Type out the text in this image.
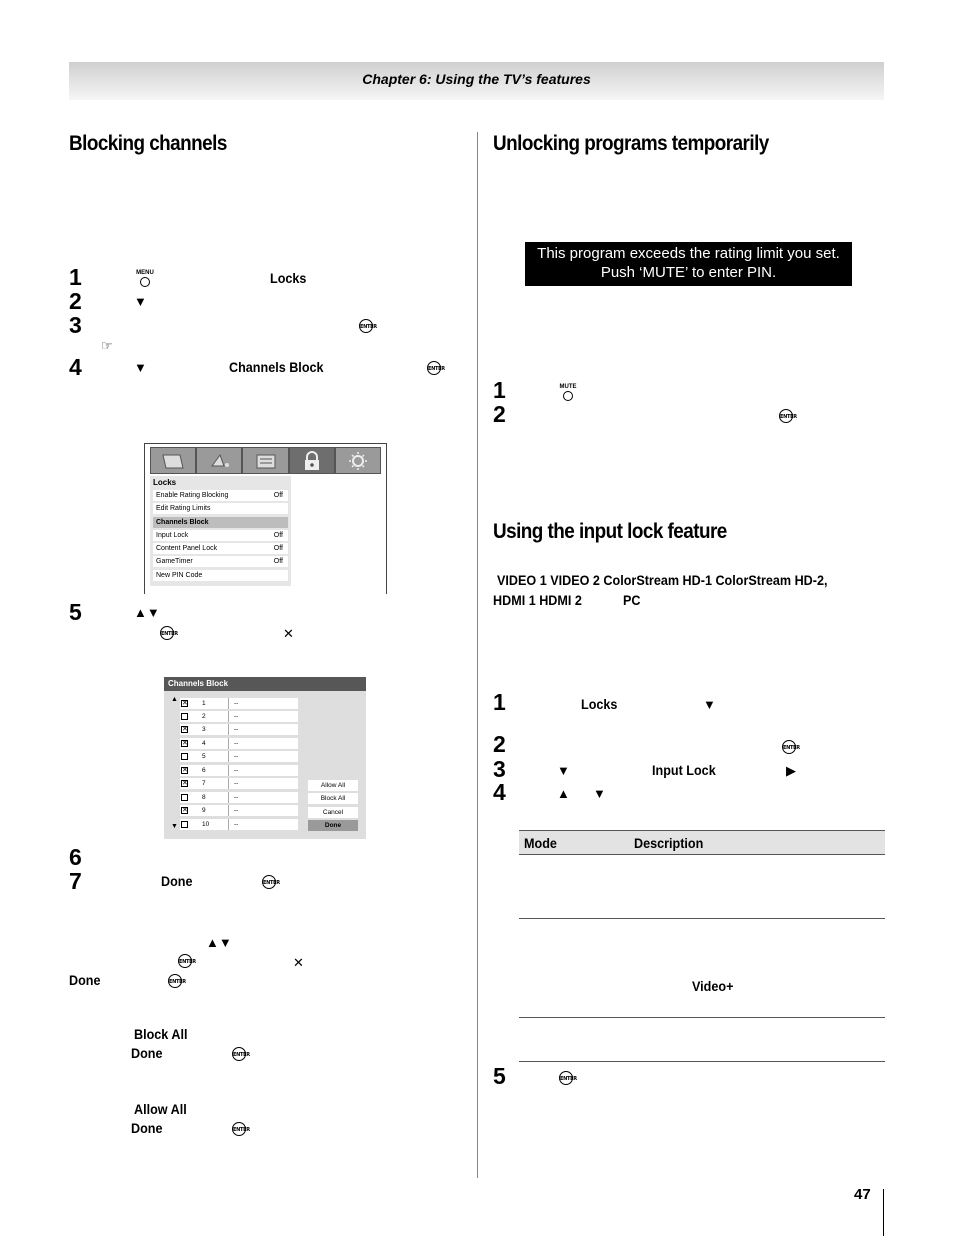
Chapter 6: Using the TV’s features
Blocking channels
1	MENU	Locks
2	▼
3	ENTER
☞
4	▼	Channels Block	ENTER
Locks
Enable Rating Blocking	Off
Edit Rating Limits
Channels Block
Input Lock	Off
Content Panel Lock	Off
GameTimer	Off
New PIN Code
5	▲▼
ENTER	✕
Channels Block
▲
▼
✕ 1	--
2	--
✕ 3	--
✕ 4	--
5	--
✕ 6	--
✕ 7	--
8	--
✕ 9	--
10	--
Allow All
Block All
Cancel
Done
6
7	Done	ENTER
▲▼
ENTER	✕
Done	ENTER
Block All
Done	ENTER
Allow All
Done	ENTER
Unlocking programs temporarily
This program exceeds the rating limit you set.
Push ‘MUTE’ to enter PIN.
1	MUTE
2	ENTER
Using the input lock feature
VIDEO 1 VIDEO 2 ColorStream HD-1 ColorStream HD-2,
HDMI 1 HDMI 2	PC
1	Locks	▼
2	ENTER
3	▼	Input Lock	▶
4	▲ ▼
Mode	Description
Video+
5	ENTER
47
